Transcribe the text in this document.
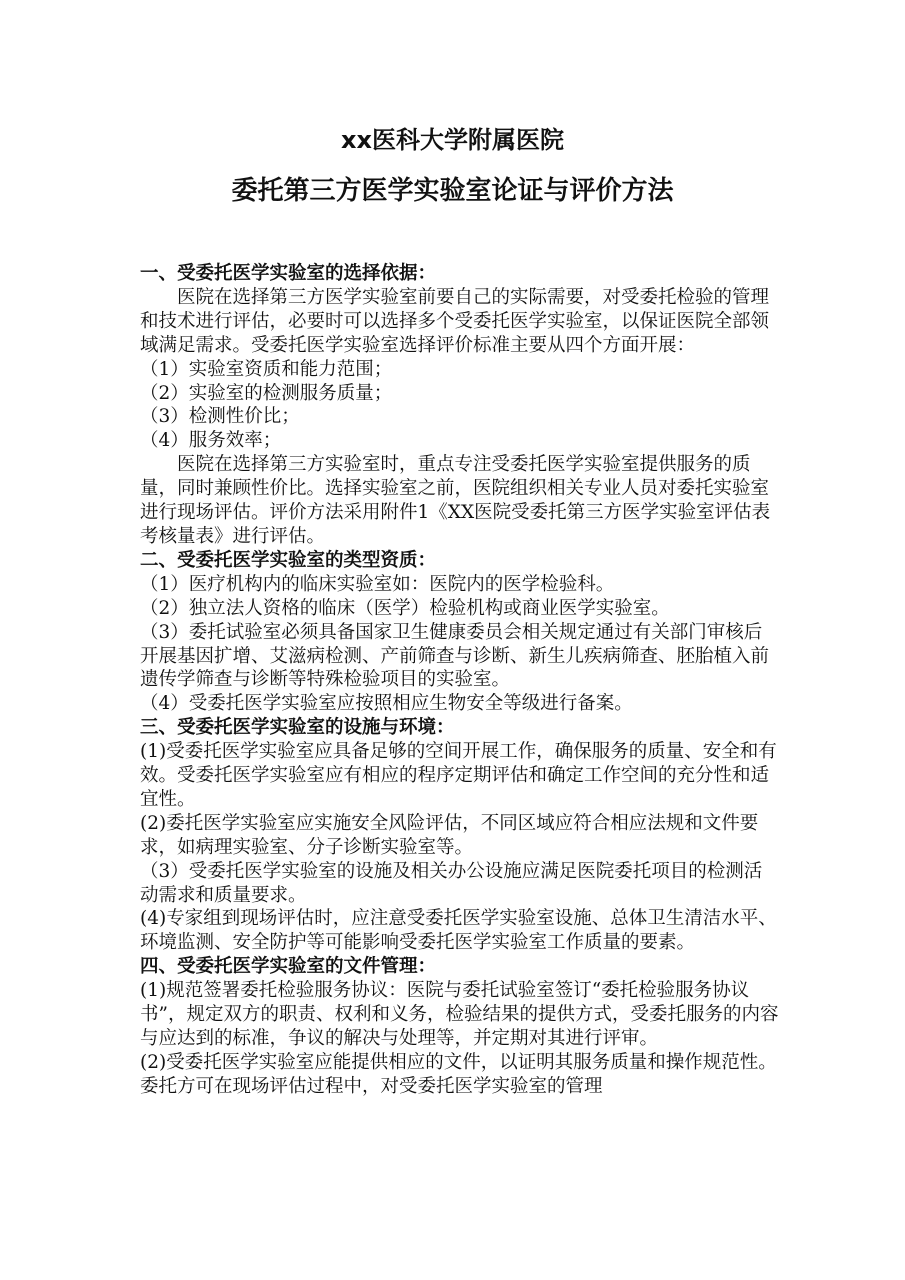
xx医科大学附属医院
委托第三方医学实验室论证与评价方法

一、受委托医学实验室的选择依据：

医院在选择第三方医学实验室前要自己的实际需要，对受委托检验的管理和技术进行评估，必要时可以选择多个受委托医学实验室，以保证医院全部领域满足需求。受委托医学实验室选择评价标准主要从四个方面开展：

（1）实验室资质和能力范围；

（2）实验室的检测服务质量；

（3）检测性价比；

（4）服务效率；

医院在选择第三方实验室时，重点专注受委托医学实验室提供服务的质量，同时兼顾性价比。选择实验室之前，医院组织相关专业人员对委托实验室进行现场评估。评价方法采用附件1《XX医院受委托第三方医学实验室评估表考核量表》进行评估。

二、受委托医学实验室的类型资质：

（1）医疗机构内的临床实验室如：医院内的医学检验科。

（2）独立法人资格的临床（医学）检验机构或商业医学实验室。

（3）委托试验室必须具备国家卫生健康委员会相关规定通过有关部门审核后开展基因扩增、艾滋病检测、产前筛查与诊断、新生儿疾病筛查、胚胎植入前遗传学筛查与诊断等特殊检验项目的实验室。

（4）受委托医学实验室应按照相应生物安全等级进行备案。

三、受委托医学实验室的设施与环境：

(1)受委托医学实验室应具备足够的空间开展工作，确保服务的质量、安全和有效。受委托医学实验室应有相应的程序定期评估和确定工作空间的充分性和适宜性。

(2)委托医学实验室应实施安全风险评估，不同区域应符合相应法规和文件要求，如病理实验室、分子诊断实验室等。

（3）受委托医学实验室的设施及相关办公设施应满足医院委托项目的检测活动需求和质量要求。

(4)专家组到现场评估时，应注意受委托医学实验室设施、总体卫生清洁水平、环境监测、安全防护等可能影响受委托医学实验室工作质量的要素。

四、受委托医学实验室的文件管理：

(1)规范签署委托检验服务协议：医院与委托试验室签订“委托检验服务协议书”，规定双方的职责、权利和义务，检验结果的提供方式，受委托服务的内容与应达到的标准，争议的解决与处理等，并定期对其进行评审。

(2)受委托医学实验室应能提供相应的文件，以证明其服务质量和操作规范性。委托方可在现场评估过程中，对受委托医学实验室的管理
